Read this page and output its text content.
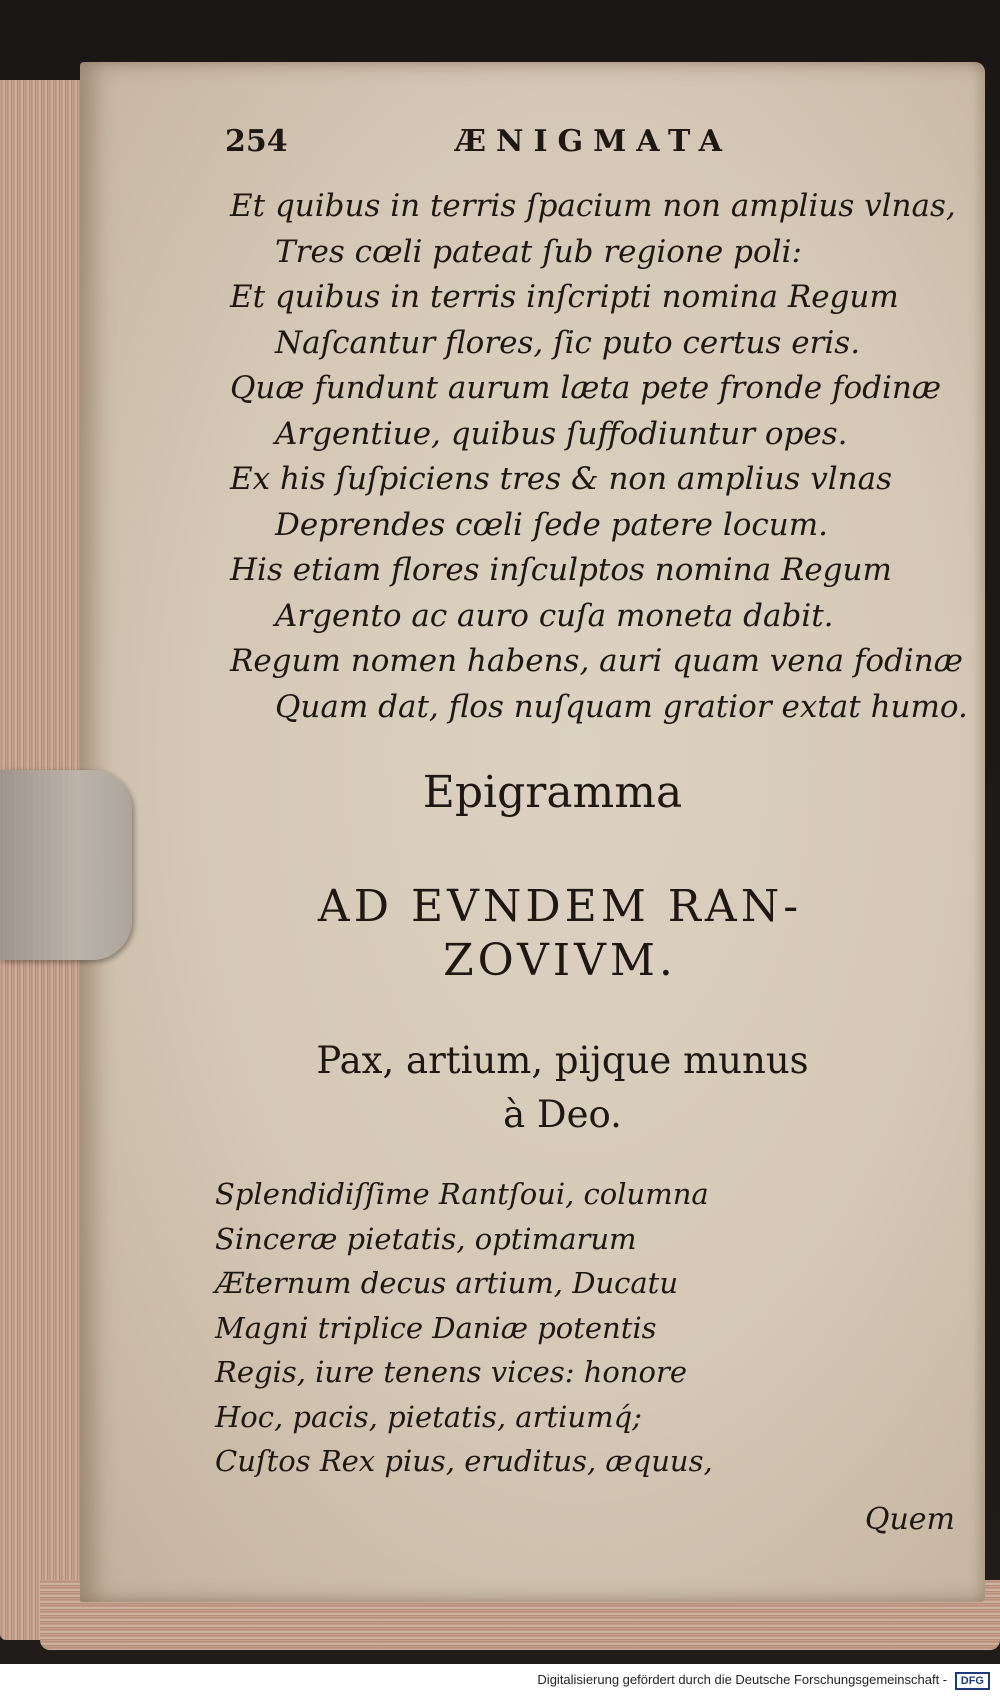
254	ÆNIGMATA
Et quibus in terris ſpacium non amplius vlnas,
Tres cœli pateat ſub regione poli:
Et quibus in terris inſcripti nomina Regum
Naſcantur flores, ſic puto certus eris.
Quæ fundunt aurum læta pete fronde fodinæ
Argentiue, quibus ſuffodiuntur opes.
Ex his ſuſpiciens tres & non amplius vlnas
Deprendes cœli ſede patere locum.
His etiam flores inſculptos nomina Regum
Argento ac auro cuſa moneta dabit.
Regum nomen habens, auri quam vena fodinæ
Quam dat, flos nuſquam gratior extat humo.
Epigramma
AD EVNDEM RAN-
ZOVIVM.
Pax, artium, pijque munus
à Deo.
Splendidiſſime Rantſoui, columna
Sinceræ pietatis, optimarum
Æternum decus artium, Ducatu
Magni triplice Daniæ potentis
Regis, iure tenens vices: honore
Hoc, pacis, pietatis, artiumq́;
Cuſtos Rex pius, eruditus, æquus,
Quem
Digitalisierung gefördert durch die Deutsche Forschungsgemeinschaft - DFG
